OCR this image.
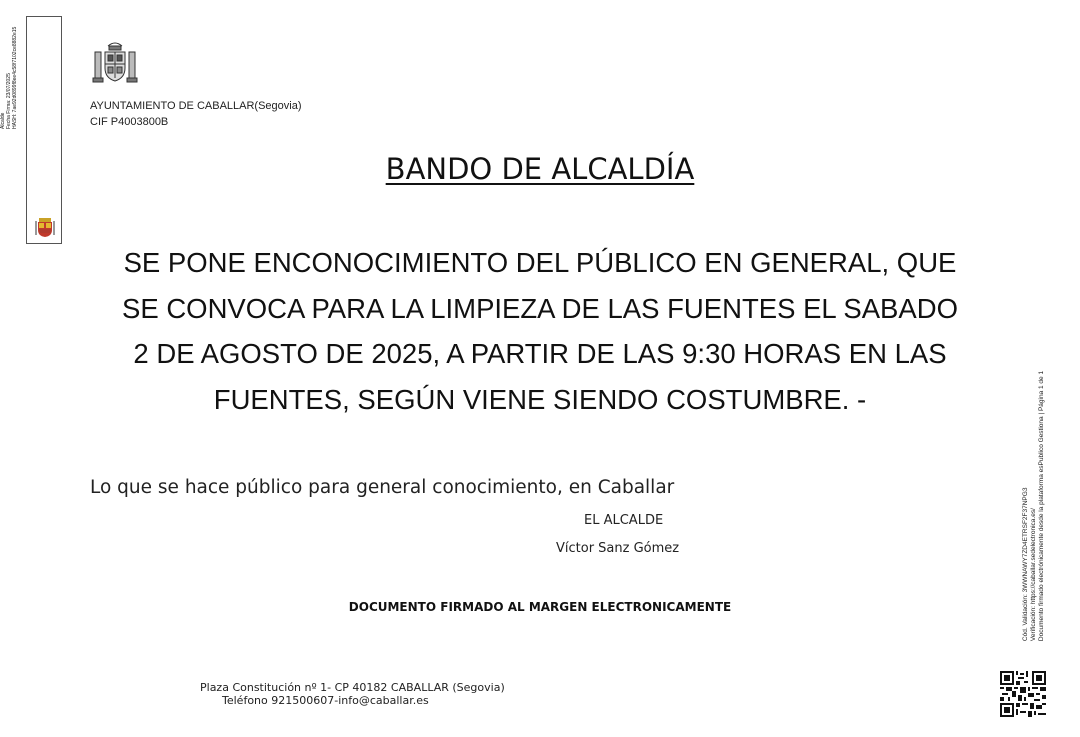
Alcalde Fecha Firma: 23/07/2025 HASH: 7ae92d0899f8ee4c58f7102ce8882e15	AYUNTAMIENTO DE CABALLAR(Segovia)
CIF P4003800B
BANDO DE ALCALDÍA
SE PONE ENCONOCIMIENTO DEL PÚBLICO EN GENERAL, QUE
SE CONVOCA PARA LA LIMPIEZA DE LAS FUENTES EL SABADO
2 DE AGOSTO DE 2025, A PARTIR DE LAS 9:30 HORAS EN LAS
FUENTES, SEGÚN VIENE SIENDO COSTUMBRE. -
Lo que se hace público para general conocimiento, en Caballar
EL ALCALDE
Víctor Sanz Gómez
DOCUMENTO FIRMADO AL MARGEN ELECTRONICAMENTE
Plaza Constitución nº 1- CP 40182 CABALLAR (Segovia)
Teléfono 921500607-info@caballar.es
Cód. Validación: 3WWNAWY7ZD4ETRSF2F37NPG3 Verificación: https://caballar.sedelectronica.es/ Documento firmado electrónicamente desde la plataforma esPublico Gestiona | Página 1 de 1
